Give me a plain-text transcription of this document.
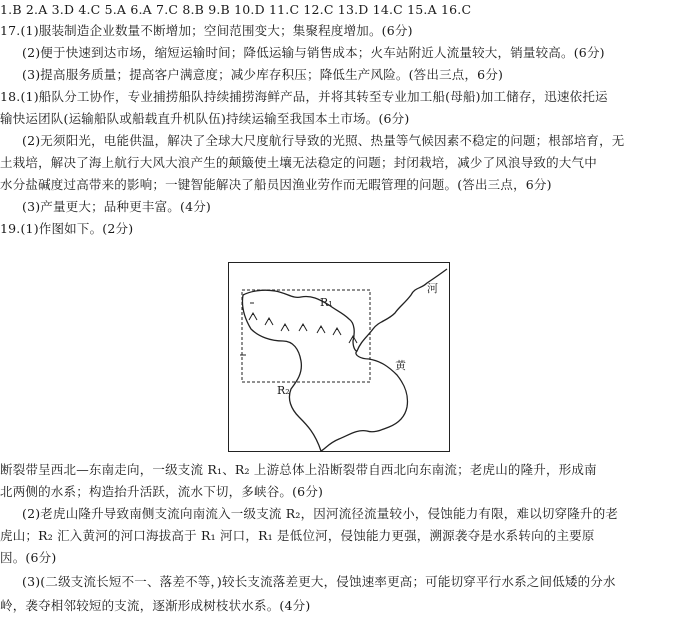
1.B 2.A 3.D 4.C 5.A 6.A 7.C 8.B 9.B 10.D 11.C 12.C 13.D 14.C 15.A 16.C
17.(1)服装制造企业数量不断增加；空间范围变大；集聚程度增加。(6分)
(2)便于快速到达市场，缩短运输时间；降低运输与销售成本；火车站附近人流量较大，销量较高。(6分)
(3)提高服务质量；提高客户满意度；减少库存积压；降低生产风险。(答出三点，6分)
18.(1)船队分工协作，专业捕捞船队持续捕捞海鲜产品，并将其转至专业加工船(母船)加工储存，迅速依托运
输快运团队(运输船队或船载直升机队伍)持续运输至我国本土市场。(6分)
(2)无须阳光，电能供温，解决了全球大尺度航行导致的光照、热量等气候因素不稳定的问题；根部培育，无
土栽培，解决了海上航行大风大浪产生的颠簸使土壤无法稳定的问题；封闭栽培，减少了风浪导致的大气中
水分盐碱度过高带来的影响；一键智能解决了船员因渔业劳作而无暇管理的问题。(答出三点，6分)
(3)产量更大；品种更丰富。(4分)
19.(1)作图如下。(2分)
R₁
R₂
河
黄
断裂带呈西北—东南走向，一级支流 R₁、R₂ 上游总体上沿断裂带自西北向东南流；老虎山的隆升，形成南
北两侧的水系；构造抬升活跃，流水下切，多峡谷。(6分)
(2)老虎山隆升导致南侧支流向南流入一级支流 R₂，因河流径流量较小，侵蚀能力有限，难以切穿隆升的老
虎山；R₂ 汇入黄河的河口海拔高于 R₁ 河口，R₁ 是低位河，侵蚀能力更强，溯源袭夺是水系转向的主要原
因。(6分)
(3)(二级支流长短不一、落差不等，)较长支流落差更大，侵蚀速率更高；可能切穿平行水系之间低矮的分水
岭，袭夺相邻较短的支流，逐渐形成树枝状水系。(4分)
